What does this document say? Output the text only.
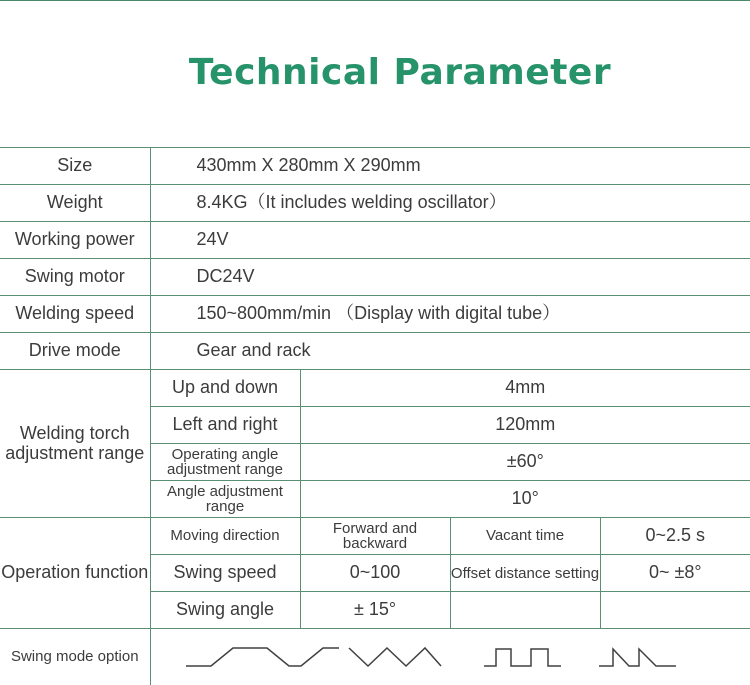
Technical Parameter
Size	430mm X 280mm X 290mm			
Weight	8.4KG（It includes welding oscillator）			
Working power	24V			
Swing motor	DC24V			
Welding speed	150~800mm/min （Display with digital tube）			
Drive mode	Gear and rack			
Welding torch adjustment range	Up and down	4mm		
	Left and right	120mm		
	Operating angle adjustment range	±60°		
	Angle adjustment range	10°		
Operation function	Moving direction	Forward and backward	Vacant time	0~2.5 s
	Swing speed	0~100	Offset distance setting	0~ ±8°
	Swing angle	± 15°		
Swing mode option	
